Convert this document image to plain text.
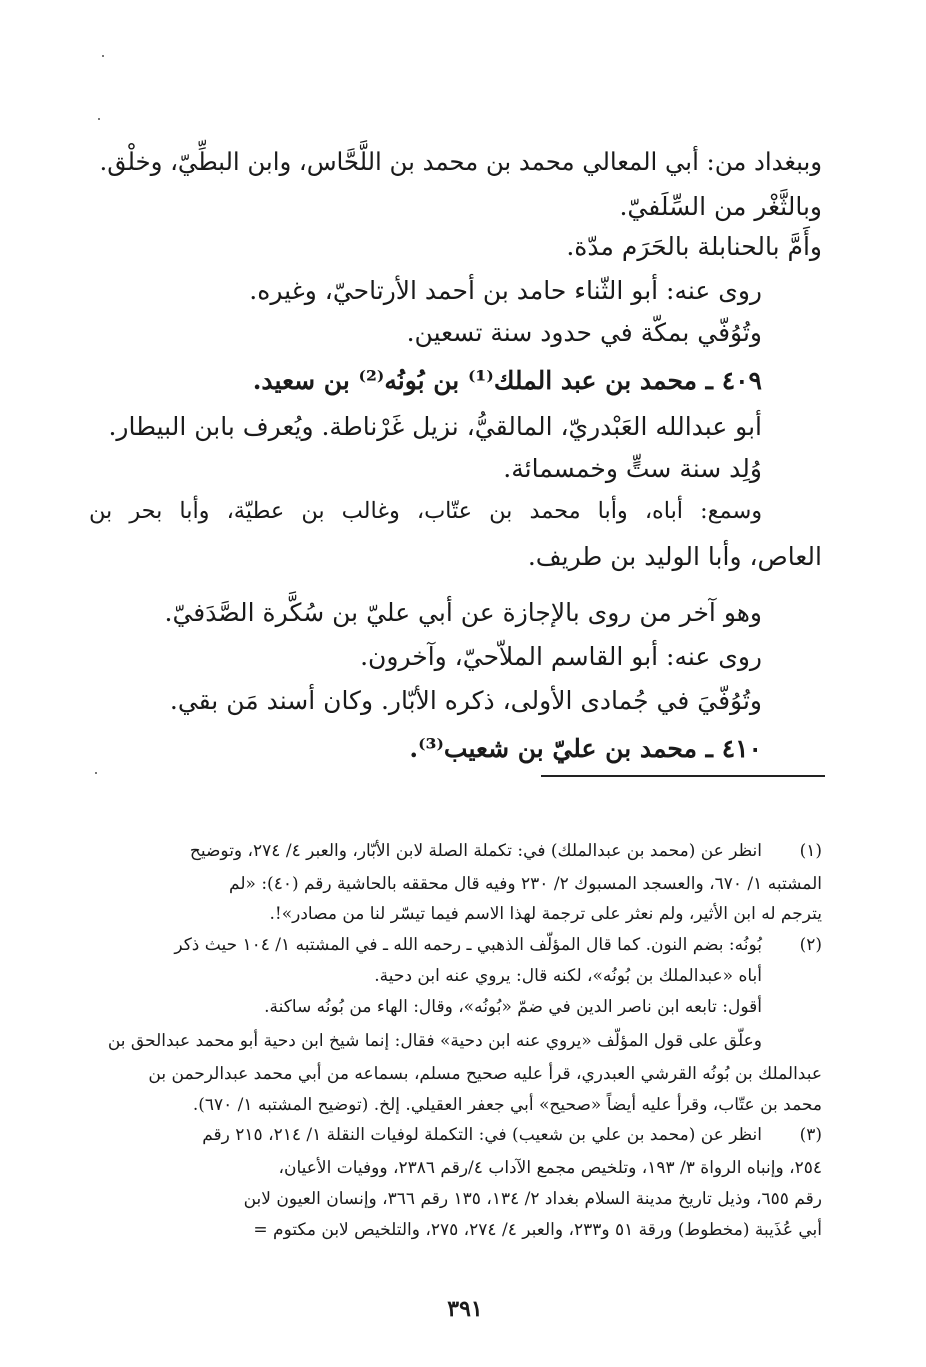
وببغداد من: أبي المعالي محمد بن محمد بن اللَّحَّاس، وابن البطِّيّ، وخلْق.
وبالثَّغْر من السِّلَفيّ.
وأَمَّ بالحنابلة بالحَرَم مدّة.
روى عنه: أبو الثّناء حامد بن أحمد الأرتاحيّ، وغيره.
وتُوُفّي بمكّة في حدود سنة تسعين.
٤٠٩ ـ محمد بن عبد الملك⁽¹⁾ بن بُونُه⁽²⁾ بن سعيد.
أبو عبدالله العَبْدريّ، المالقيُّ، نزيل غَرْناطة. ويُعرف بابن البيطار.
وُلِد سنة ستٍّ وخمسمائة.
وسمع: أباه، وأبا محمد بن عتّاب، وغالب بن عطيّة، وأبا بحر بن
العاص، وأبا الوليد بن طريف.
وهو آخر من روى بالإجازة عن أبي عليّ بن سُكَّرة الصَّدَفيّ.
روى عنه: أبو القاسم الملاّحيّ، وآخرون.
وتُوُفّيَ في جُمادى الأولى، ذكره الأبّار. وكان أسند مَن بقي.
٤١٠ ـ محمد بن عليّ بن شعيب⁽³⁾.
(١)
انظر عن (محمد بن عبدالملك) في: تكملة الصلة لابن الأبّار، والعبر ٤/ ٢٧٤، وتوضيح
المشتبه ١/ ٦٧٠، والعسجد المسبوك ٢/ ٢٣٠ وفيه قال محققه بالحاشية رقم (٤٠): «لم
يترجم له ابن الأثير، ولم نعثر على ترجمة لهذا الاسم فيما تيسّر لنا من مصادر»!.
(٢)
بُونُه: بضم النون. كما قال المؤلّف الذهبي ـ رحمه الله ـ في المشتبه ١/ ١٠٤ حيث ذكر
أباه «عبدالملك بن بُونُه»، لكنه قال: يروي عنه ابن دحية.
أقول: تابعه ابن ناصر الدين في ضمّ «بُونُه»، وقال: الهاء من بُونُه ساكنة.
وعلّق على قول المؤلّف «يروي عنه ابن دحية» فقال: إنما شيخ ابن دحية أبو محمد عبدالحق بن
عبدالملك بن بُونُه القرشي العبدري، قرأ عليه صحيح مسلم، بسماعه من أبي محمد عبدالرحمن بن
محمد بن عتّاب، وقرأ عليه أيضاً «صحيح» أبي جعفر العقيلي. إلخ. (توضيح المشتبه ١/ ٦٧٠).
(٣)
انظر عن (محمد بن علي بن شعيب) في: التكملة لوفيات النقلة ١/ ٢١٤، ٢١٥ رقم
٢٥٤، وإنباه الرواة ٣/ ١٩٣، وتلخيص مجمع الآداب ٤/رقم ٢٣٨٦، ووفيات الأعيان،
رقم ٦٥٥، وذيل تاريخ مدينة السلام بغداد ٢/ ١٣٤، ١٣٥ رقم ٣٦٦، وإنسان العيون لابن
أبي عُذَيبة (مخطوط) ورقة ٥١ و٢٣٣، والعبر ٤/ ٢٧٤، ٢٧٥، والتلخيص لابن مكتوم =
٣٩١
